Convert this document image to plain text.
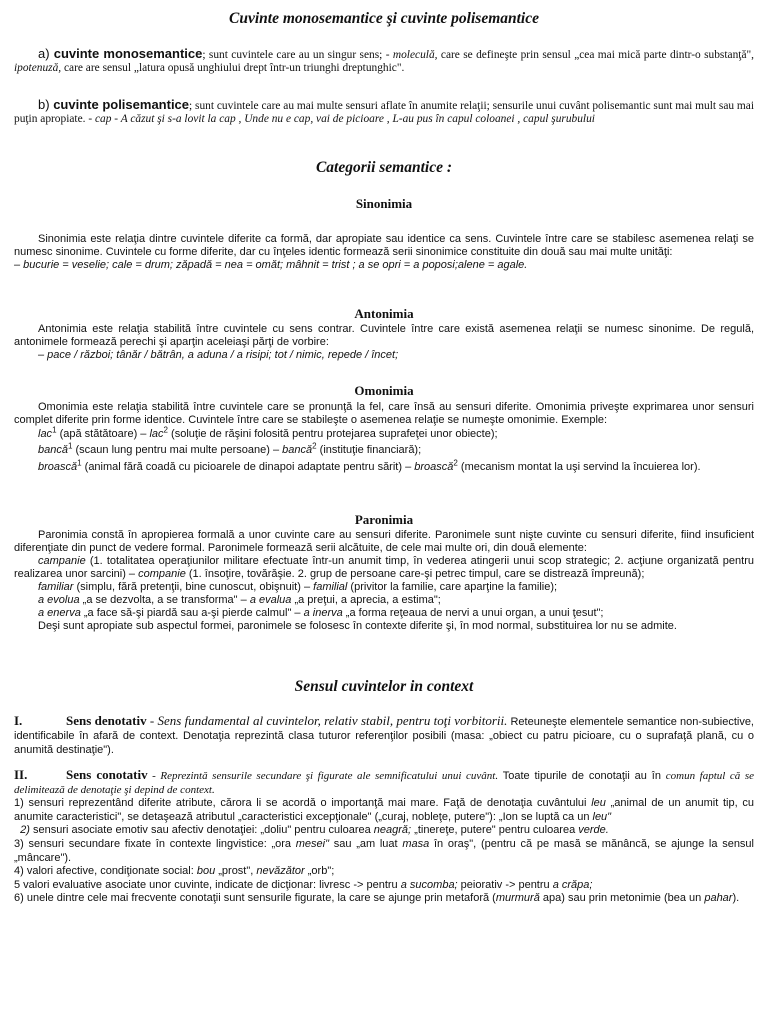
Cuvinte monosemantice şi cuvinte polisemantice

a) cuvinte monosemantice; sunt cuvintele care au un singur sens; - moleculă, care se defineşte prin sensul „cea mai mică parte dintr-o substanţă", ipotenuză, care are sensul „latura opusă unghiului drept într-un triunghi dreptunghic".

b) cuvinte polisemantice; sunt cuvintele care au mai multe sensuri aflate în anumite relaţii; sensurile unui cuvânt polisemantic sunt mai mult sau mai puţin apropiate. - cap - A căzut şi s-a lovit la cap , Unde nu e cap, vai de picioare , L-au pus în capul coloanei , capul şurubului

Categorii semantice :
Sinonimia

Sinonimia este relaţia dintre cuvintele diferite ca formă, dar apropiate sau identice ca sens. Cuvintele între care se stabilesc asemenea relaţi se numesc sinonime. Cuvintele cu forme diferite, dar cu înţeles identic formează serii sinonimice constituite din două sau mai multe unităţi:

– bucurie = veselie; cale = drum; zăpadă = nea = omăt; mâhnit = trist ; a se opri = a poposi;alene = agale.

Antonimia

Antonimia este relaţia stabilită între cuvintele cu sens contrar. Cuvintele între care există asemenea relaţii se numesc sinonime. De regulă, antonimele formează perechi şi aparţin aceleiaşi părţi de vorbire:

– pace / război; tânăr / bătrân, a aduna / a risipi; tot / nimic, repede / încet;

Omonimia

Omonimia este relaţia stabilită între cuvintele care se pronunţă la fel, care însă au sensuri diferite. Omonimia priveşte exprimarea unor sensuri complet diferite prin forme identice. Cuvintele între care se stabileşte o asemenea relaţie se numeşte omonimie. Exemple:

lac$^1$ (apă stătătoare) – lac$^2$ (soluţie de răşini folosită pentru protejarea suprafeţei unor obiecte);

bancă$^1$ (scaun lung pentru mai multe persoane) – bancă$^2$ (instituţie financiară);

broască$^1$ (animal fără coadă cu picioarele de dinapoi adaptate pentru sărit) – broască$^2$ (mecanism montat la uşi servind la încuierea lor).

Paronimia

Paronimia constă în apropierea formală a unor cuvinte care au sensuri diferite. Paronimele sunt nişte cuvinte cu sensuri diferite, fiind insuficient diferenţiate din punct de vedere formal. Paronimele formează serii alcătuite, de cele mai multe ori, din două elemente:

campanie (1. totalitatea operaţiunilor militare efectuate într-un anumit timp, în vederea atingerii unui scop strategic; 2. acţiune organizată pentru realizarea unor sarcini) – companie (1. însoţire, tovărăşie. 2. grup de persoane care-şi petrec timpul, care se distrează împreună);

familiar (simplu, fără pretenţii, bine cunoscut, obişnuit) – familial (privitor la familie, care aparţine la familie);

a evolua „a se dezvolta, a se transforma" – a evalua „a preţui, a aprecia, a estima";

a enerva „a face să-şi piardă sau a-şi pierde calmul" – a inerva „a forma reţeaua de nervi a unui organ, a unui ţesut";

Deşi sunt apropiate sub aspectul formei, paronimele se folosesc în contexte diferite şi, în mod normal, substituirea lor nu se admite.

Sensul cuvintelor in context

I.	Sens denotativ - Sens fundamental al cuvintelor, relativ stabil, pentru toţi vorbitorii. Reteuneşte elementele semantice non-subiective, identificabile în afară de context. Denotaţia reprezintă clasa tuturor referenţilor posibili (masa: „obiect cu patru picioare, cu o suprafaţă plană, cu o anumită destinaţie").

II.	Sens conotativ - Reprezintă sensurile secundare şi figurate ale semnificatului unui cuvânt. Toate tipurile de conotaţii au în comun faptul că se delimitează de denotaţie şi depind de context.

1) sensuri reprezentând diferite atribute, cărora li se acordă o importanţă mai mare. Faţă de denotaţia cuvântului leu „animal de un anumit tip, cu anumite caracteristici", se detaşează atributul „caracteristici excepţionale" („curaj, nobleţe, putere"): „Ion se luptă ca un leu"

2) sensuri asociate emotiv sau afectiv denotaţiei: „doliu" pentru culoarea neagră; „tinereţe, putere" pentru culoarea verde.

3) sensuri secundare fixate în contexte lingvistice: „ora mesei" sau „am luat masa în oraş", (pentru că pe masă se mănâncă, se ajunge la sensul „mâncare").

4) valori afective, condiţionate social: bou „prost", nevăzător „orb";

5 valori evaluative asociate unor cuvinte, indicate de dicţionar: livresc -> pentru a sucomba; peiorativ -> pentru a crăpa;

6) unele dintre cele mai frecvente conotaţii sunt sensurile figurate, la care se ajunge prin metaforă (murmură apa) sau prin metonimie (bea un pahar).
